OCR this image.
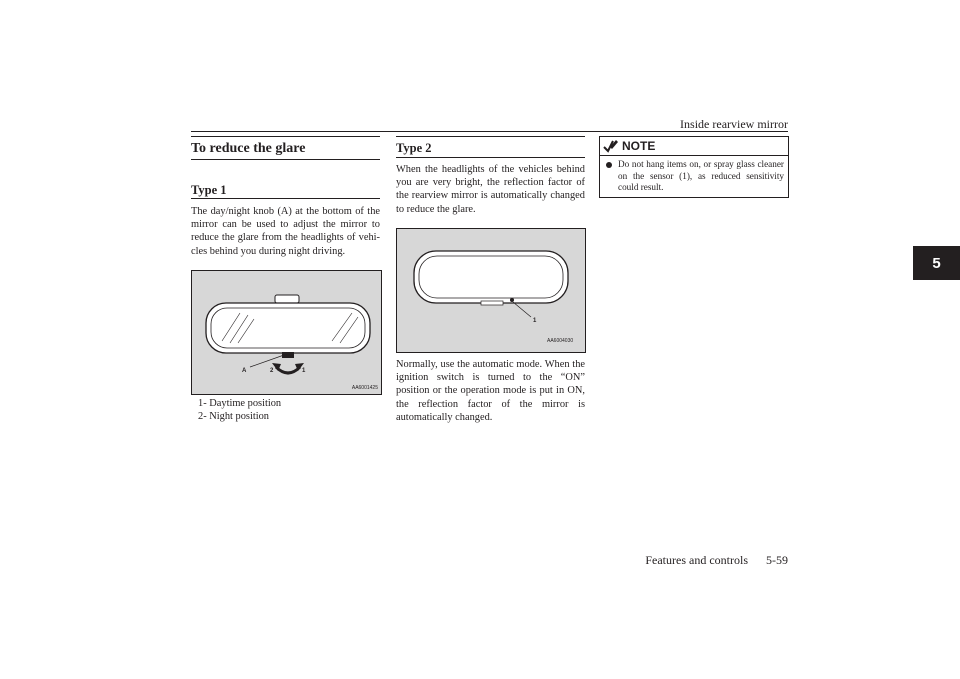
Inside rearview mirror
5
To reduce the glare
Type 1
The day/night knob (A) at the bottom of the mirror can be used to adjust the mirror to reduce the glare from the headlights of vehi- cles behind you during night driving.
A	2	1
AA6001425
1- Daytime position
2- Night position
Type 2
When the headlights of the vehicles behind you are very bright, the reflection factor of the rearview mirror is automatically changed to reduce the glare.
1
AA6004030
Normally, use the automatic mode. When the ignition switch is turned to the “ON” position or the operation mode is put in ON, the reflection factor of the mirror is automatically changed.
NOTE
Do not hang items on, or spray glass cleaner on the sensor (1), as reduced sensitivity could result.
Features and controls 5-59
